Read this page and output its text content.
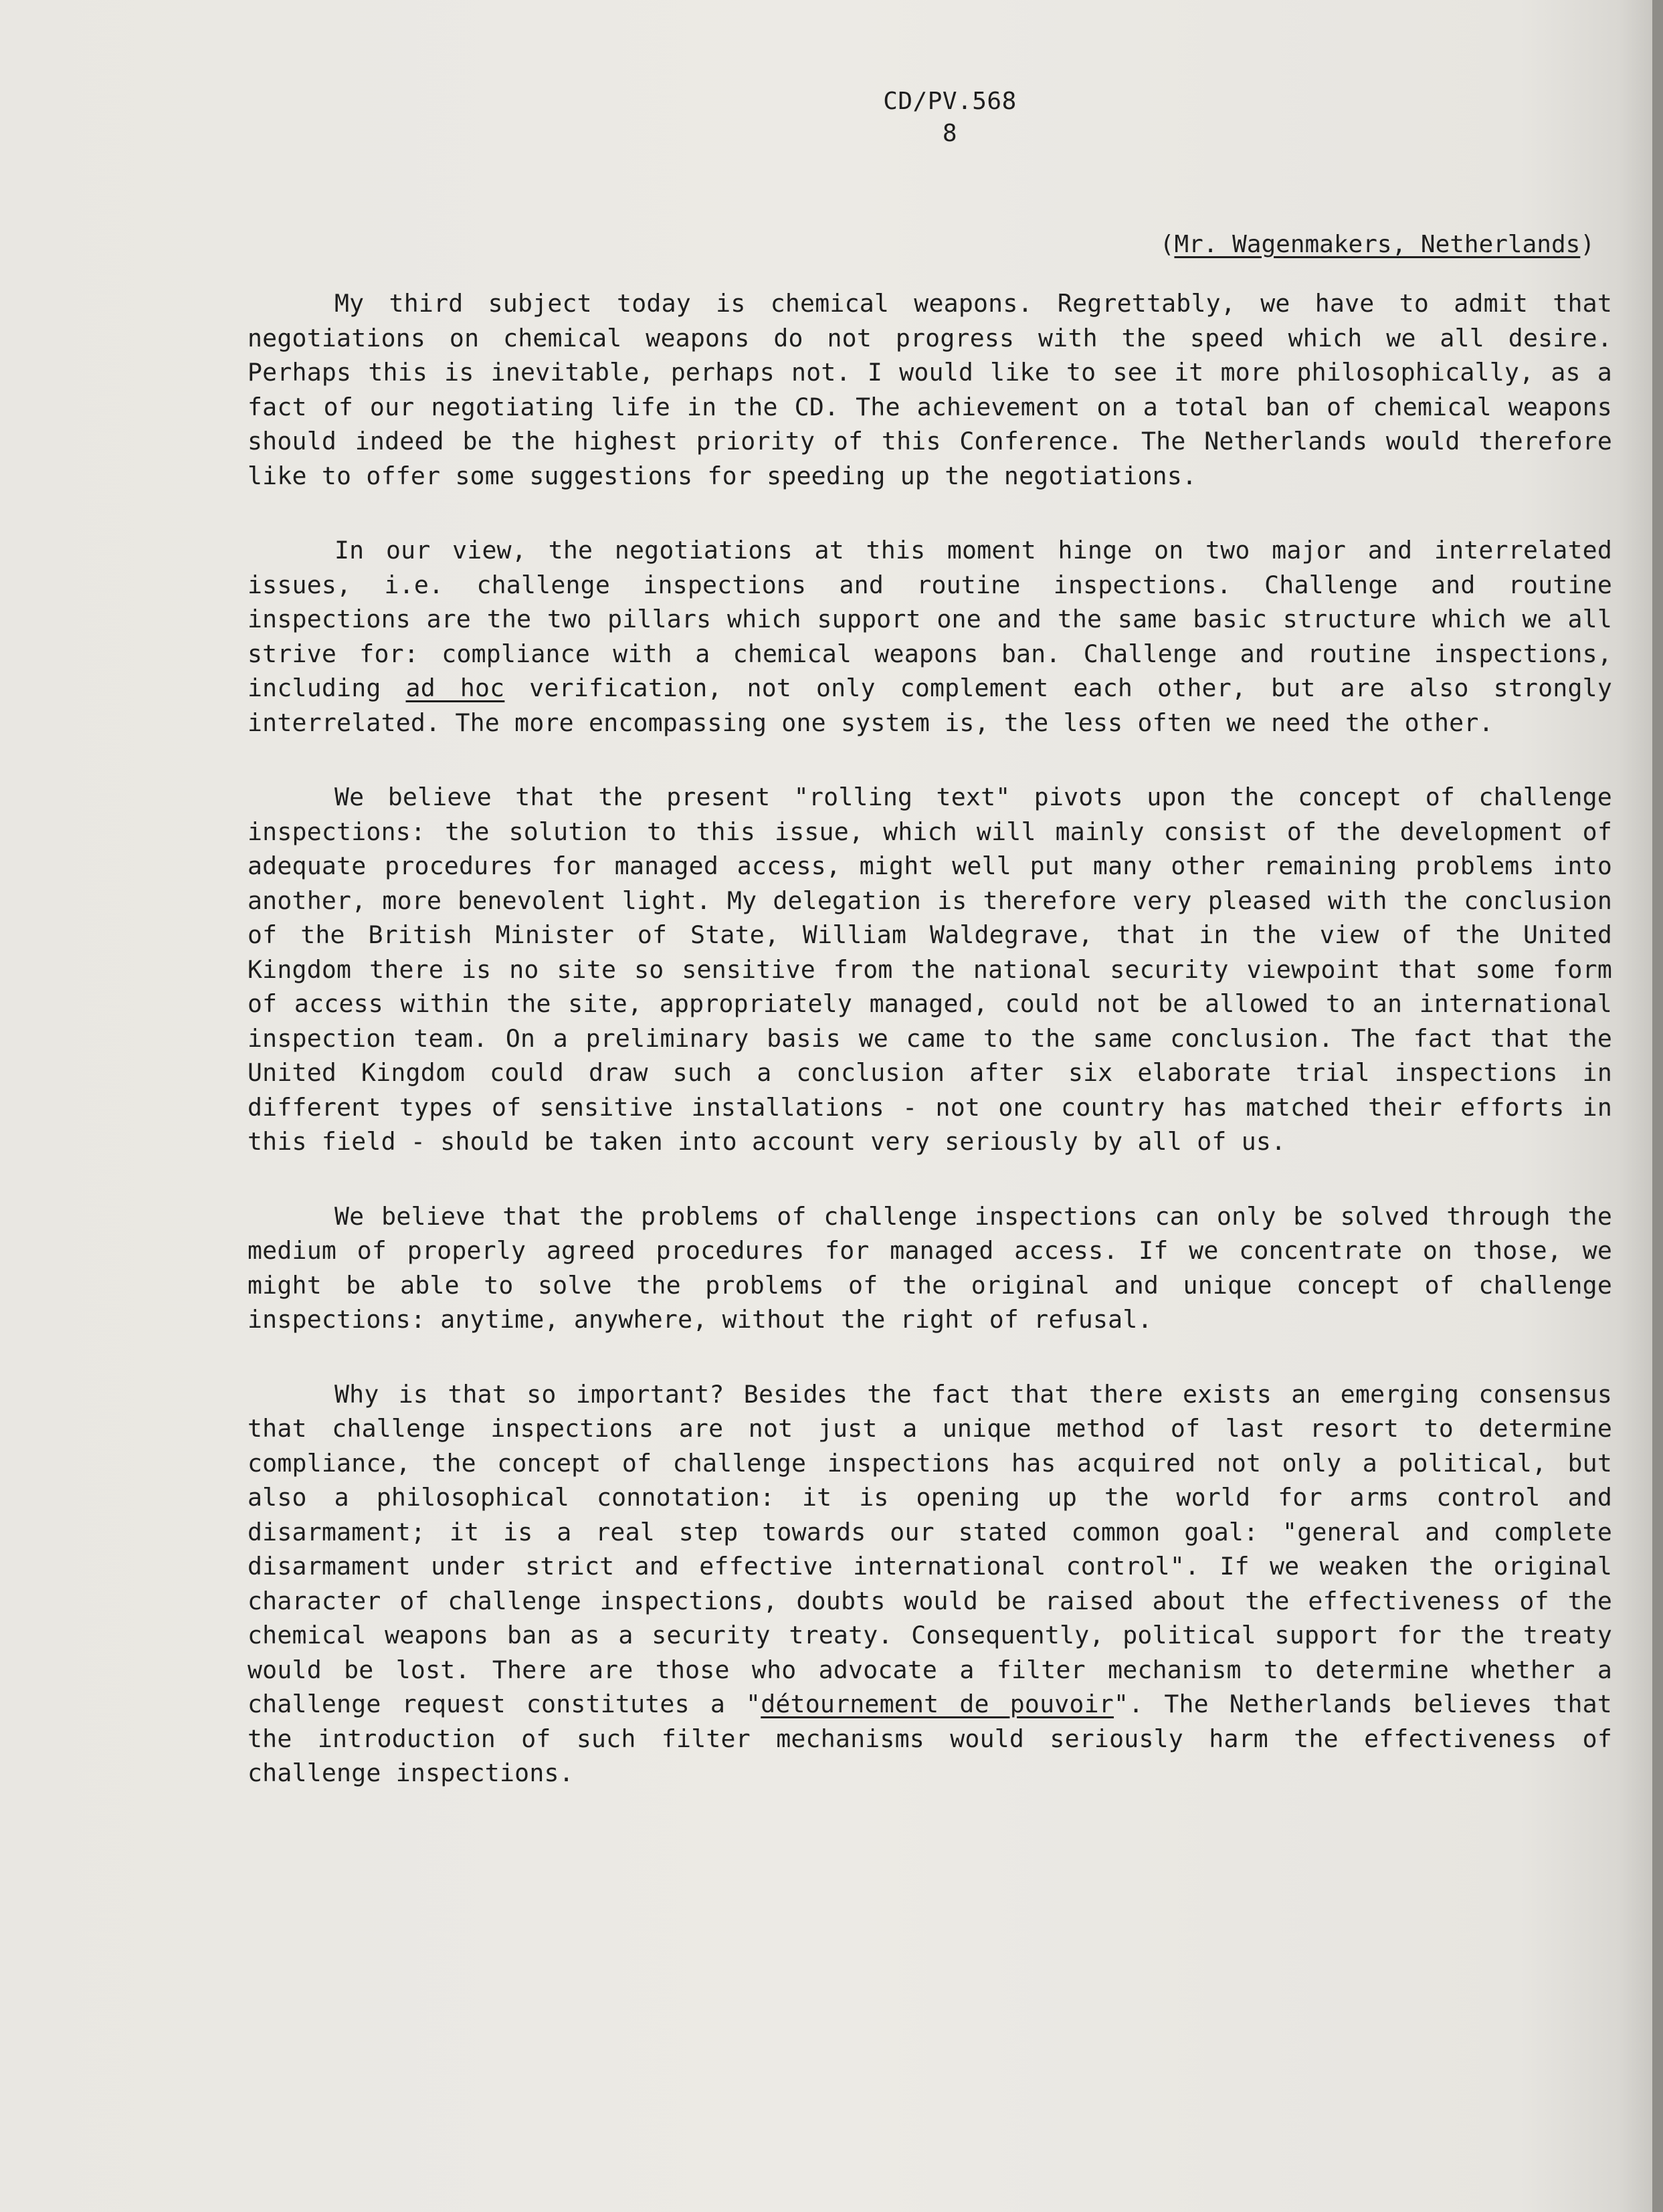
CD/PV.568
8
(Mr. Wagenmakers, Netherlands)

My third subject today is chemical weapons. Regrettably, we have to admit that negotiations on chemical weapons do not progress with the speed which we all desire. Perhaps this is inevitable, perhaps not. I would like to see it more philosophically, as a fact of our negotiating life in the CD. The achievement on a total ban of chemical weapons should indeed be the highest priority of this Conference. The Netherlands would therefore like to offer some suggestions for speeding up the negotiations.

In our view, the negotiations at this moment hinge on two major and interrelated issues, i.e. challenge inspections and routine inspections. Challenge and routine inspections are the two pillars which support one and the same basic structure which we all strive for: compliance with a chemical weapons ban. Challenge and routine inspections, including ad hoc verification, not only complement each other, but are also strongly interrelated. The more encompassing one system is, the less often we need the other.

We believe that the present "rolling text" pivots upon the concept of challenge inspections: the solution to this issue, which will mainly consist of the development of adequate procedures for managed access, might well put many other remaining problems into another, more benevolent light. My delegation is therefore very pleased with the conclusion of the British Minister of State, William Waldegrave, that in the view of the United Kingdom there is no site so sensitive from the national security viewpoint that some form of access within the site, appropriately managed, could not be allowed to an international inspection team. On a preliminary basis we came to the same conclusion. The fact that the United Kingdom could draw such a conclusion after six elaborate trial inspections in different types of sensitive installations - not one country has matched their efforts in this field - should be taken into account very seriously by all of us.

We believe that the problems of challenge inspections can only be solved through the medium of properly agreed procedures for managed access. If we concentrate on those, we might be able to solve the problems of the original and unique concept of challenge inspections: anytime, anywhere, without the right of refusal.

Why is that so important? Besides the fact that there exists an emerging consensus that challenge inspections are not just a unique method of last resort to determine compliance, the concept of challenge inspections has acquired not only a political, but also a philosophical connotation: it is opening up the world for arms control and disarmament; it is a real step towards our stated common goal: "general and complete disarmament under strict and effective international control". If we weaken the original character of challenge inspections, doubts would be raised about the effectiveness of the chemical weapons ban as a security treaty. Consequently, political support for the treaty would be lost. There are those who advocate a filter mechanism to determine whether a challenge request constitutes a "détournement de pouvoir". The Netherlands believes that the introduction of such filter mechanisms would seriously harm the effectiveness of challenge inspections.
